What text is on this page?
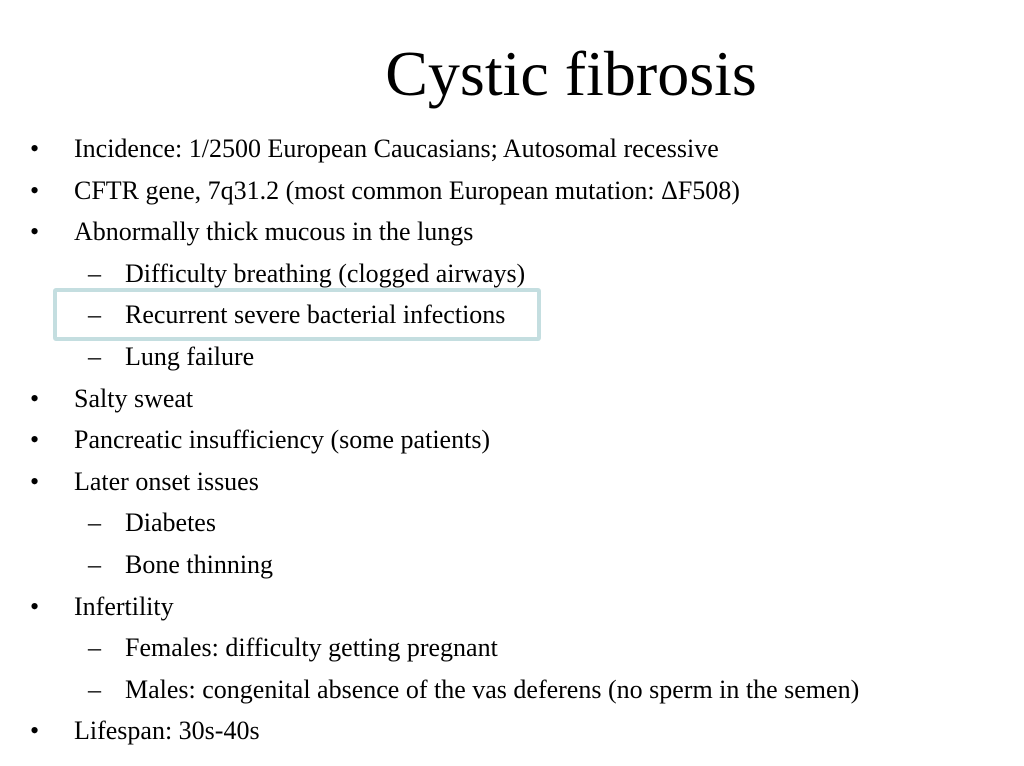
Cystic fibrosis
• Incidence: 1/2500 European Caucasians; Autosomal recessive
• CFTR gene, 7q31.2 (most common European mutation: ΔF508)
• Abnormally thick mucous in the lungs
– Difficulty breathing (clogged airways)
– Recurrent severe bacterial infections
– Lung failure
• Salty sweat
• Pancreatic insufficiency (some patients)
• Later onset issues
– Diabetes
– Bone thinning
• Infertility
– Females: difficulty getting pregnant
– Males: congenital absence of the vas deferens (no sperm in the semen)
• Lifespan: 30s-40s
